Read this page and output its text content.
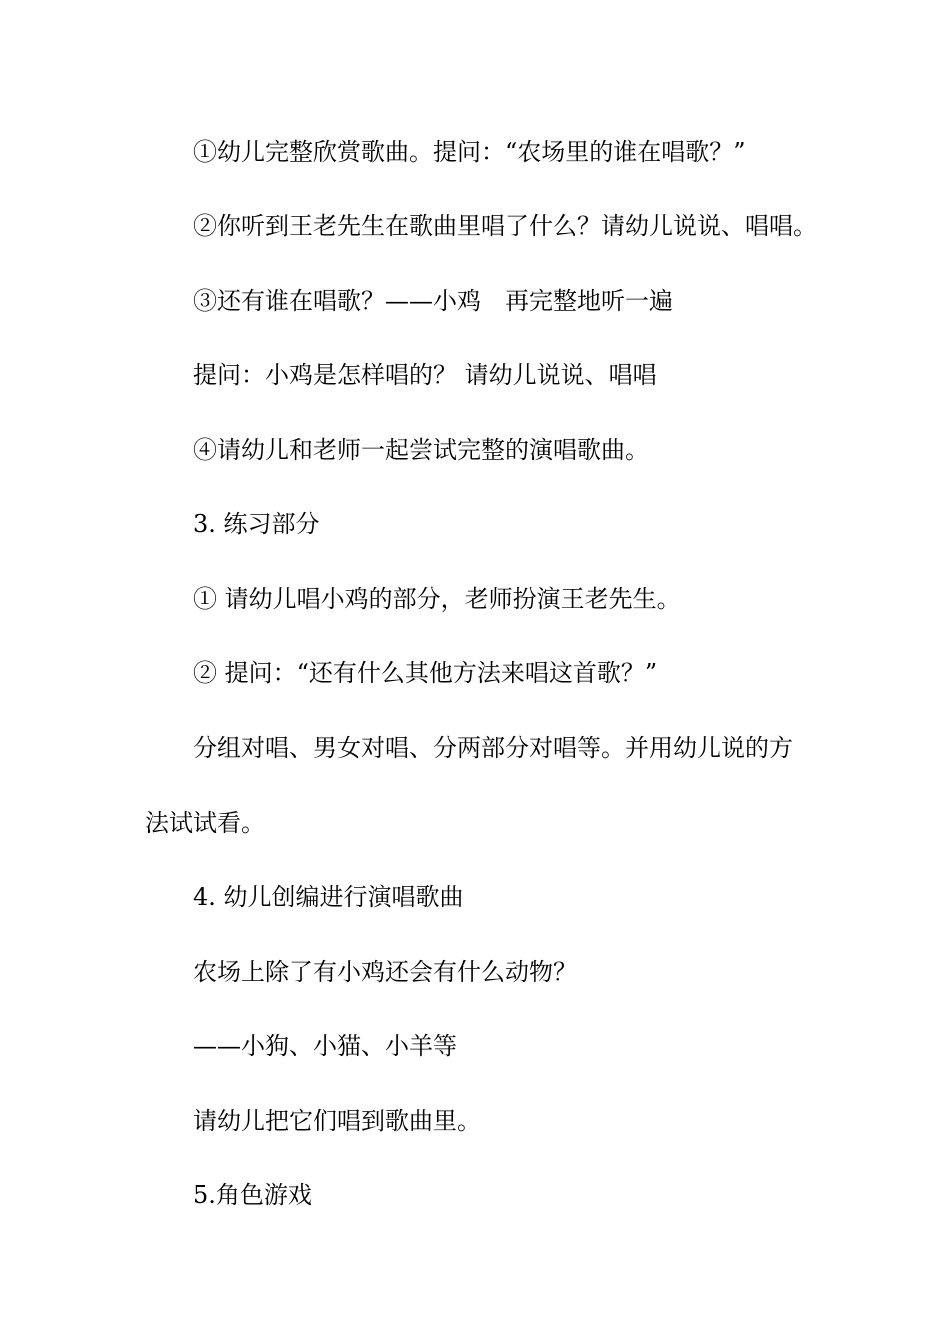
①幼儿完整欣赏歌曲。提问：“农场里的谁在唱歌？”
②你听到王老先生在歌曲里唱了什么？请幼儿说说、唱唱。
③还有谁在唱歌？——小鸡　再完整地听一遍
提问：小鸡是怎样唱的？ 请幼儿说说、唱唱
④请幼儿和老师一起尝试完整的演唱歌曲。
3. 练习部分
① 请幼儿唱小鸡的部分，老师扮演王老先生。
② 提问：“还有什么其他方法来唱这首歌？”
分组对唱、男女对唱、分两部分对唱等。并用幼儿说的方
法试试看。
4. 幼儿创编进行演唱歌曲
农场上除了有小鸡还会有什么动物？
——小狗、小猫、小羊等
请幼儿把它们唱到歌曲里。
5.角色游戏
